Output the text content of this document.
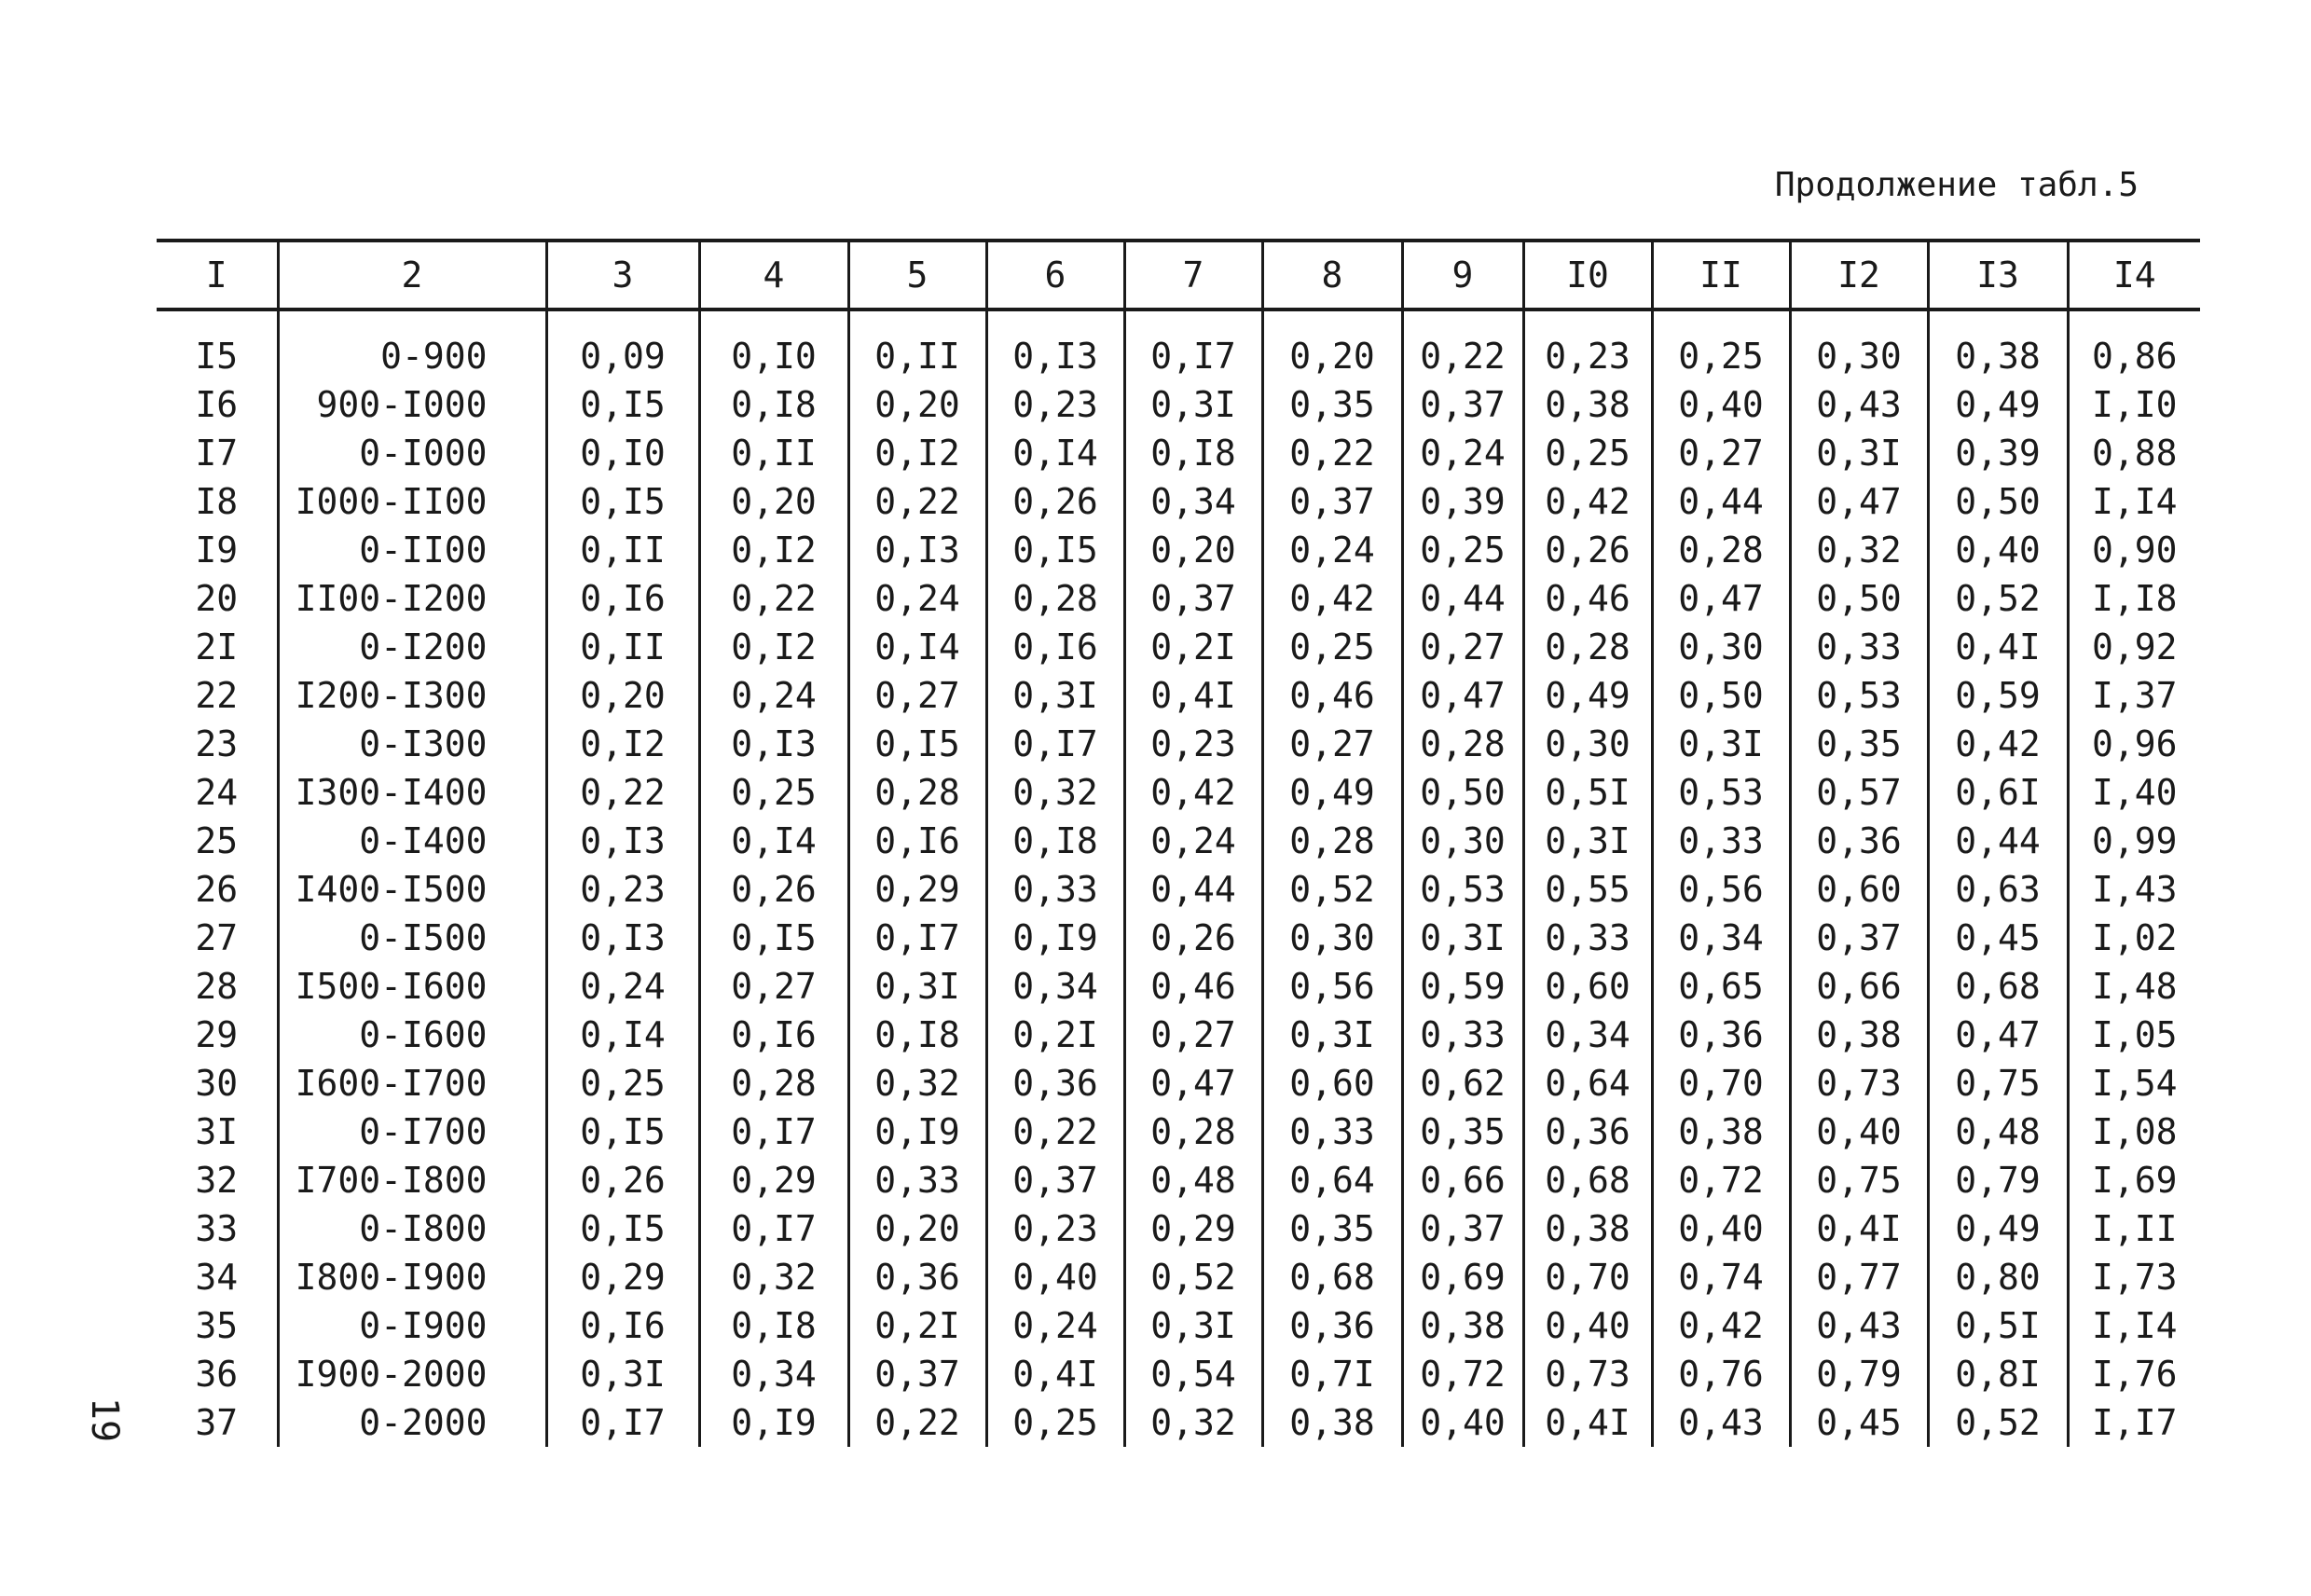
Продолжение табл.5
19
I	2	3	4	5	6	7	8	9	I0	II	I2	I3	I4
I5	0-900	0,09	0,I0	0,II	0,I3	0,I7	0,20	0,22	0,23	0,25	0,30	0,38	0,86
I6	900-I000	0,I5	0,I8	0,20	0,23	0,3I	0,35	0,37	0,38	0,40	0,43	0,49	I,I0
I7	0-I000	0,I0	0,II	0,I2	0,I4	0,I8	0,22	0,24	0,25	0,27	0,3I	0,39	0,88
I8	I000-II00	0,I5	0,20	0,22	0,26	0,34	0,37	0,39	0,42	0,44	0,47	0,50	I,I4
I9	0-II00	0,II	0,I2	0,I3	0,I5	0,20	0,24	0,25	0,26	0,28	0,32	0,40	0,90
20	II00-I200	0,I6	0,22	0,24	0,28	0,37	0,42	0,44	0,46	0,47	0,50	0,52	I,I8
2I	0-I200	0,II	0,I2	0,I4	0,I6	0,2I	0,25	0,27	0,28	0,30	0,33	0,4I	0,92
22	I200-I300	0,20	0,24	0,27	0,3I	0,4I	0,46	0,47	0,49	0,50	0,53	0,59	I,37
23	0-I300	0,I2	0,I3	0,I5	0,I7	0,23	0,27	0,28	0,30	0,3I	0,35	0,42	0,96
24	I300-I400	0,22	0,25	0,28	0,32	0,42	0,49	0,50	0,5I	0,53	0,57	0,6I	I,40
25	0-I400	0,I3	0,I4	0,I6	0,I8	0,24	0,28	0,30	0,3I	0,33	0,36	0,44	0,99
26	I400-I500	0,23	0,26	0,29	0,33	0,44	0,52	0,53	0,55	0,56	0,60	0,63	I,43
27	0-I500	0,I3	0,I5	0,I7	0,I9	0,26	0,30	0,3I	0,33	0,34	0,37	0,45	I,02
28	I500-I600	0,24	0,27	0,3I	0,34	0,46	0,56	0,59	0,60	0,65	0,66	0,68	I,48
29	0-I600	0,I4	0,I6	0,I8	0,2I	0,27	0,3I	0,33	0,34	0,36	0,38	0,47	I,05
30	I600-I700	0,25	0,28	0,32	0,36	0,47	0,60	0,62	0,64	0,70	0,73	0,75	I,54
3I	0-I700	0,I5	0,I7	0,I9	0,22	0,28	0,33	0,35	0,36	0,38	0,40	0,48	I,08
32	I700-I800	0,26	0,29	0,33	0,37	0,48	0,64	0,66	0,68	0,72	0,75	0,79	I,69
33	0-I800	0,I5	0,I7	0,20	0,23	0,29	0,35	0,37	0,38	0,40	0,4I	0,49	I,II
34	I800-I900	0,29	0,32	0,36	0,40	0,52	0,68	0,69	0,70	0,74	0,77	0,80	I,73
35	0-I900	0,I6	0,I8	0,2I	0,24	0,3I	0,36	0,38	0,40	0,42	0,43	0,5I	I,I4
36	I900-2000	0,3I	0,34	0,37	0,4I	0,54	0,7I	0,72	0,73	0,76	0,79	0,8I	I,76
37	0-2000	0,I7	0,I9	0,22	0,25	0,32	0,38	0,40	0,4I	0,43	0,45	0,52	I,I7
